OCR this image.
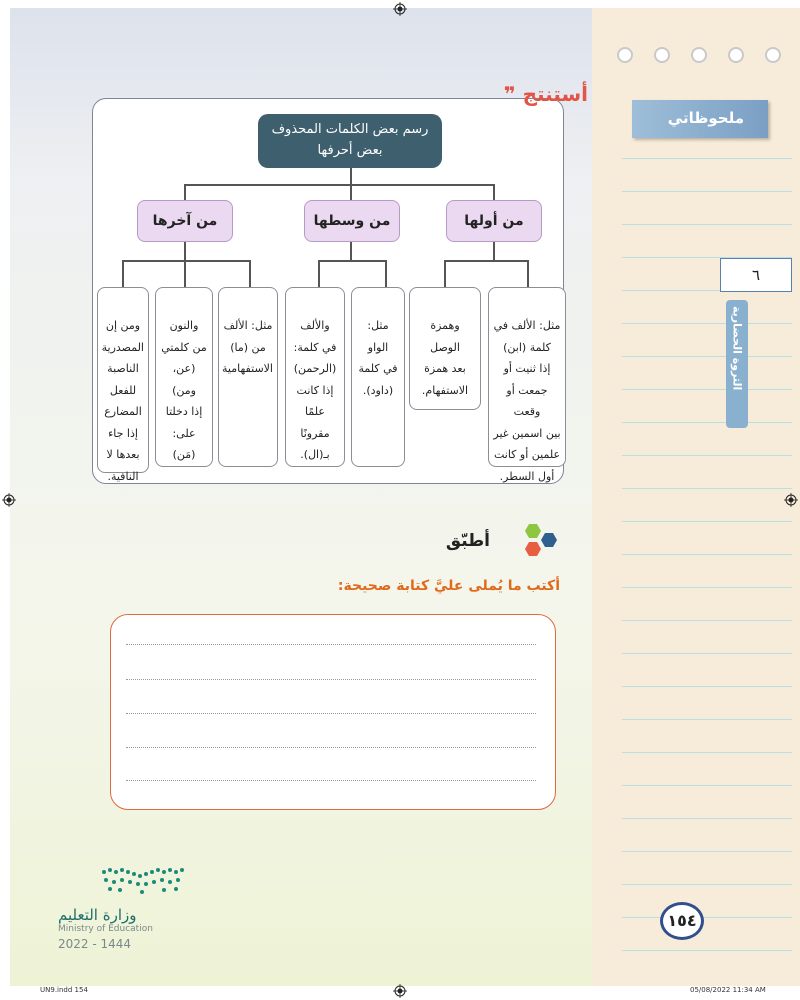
ملحوظاتي
٦
الثروة الحضارية
❞ أستنتج
رسم بعض الكلمات المحذوف
بعض أحرفها
من أولها
من وسطها
من آخرها

مثل: الألف في
كلمة (ابن)
إذا ثنيت أو
جمعت أو وقعت
بين اسمين غير
علمين أو كانت
أول السطر.

وهمزة الوصل
بعد همزة
الاستفهام.

مثل: الواو
في كلمة
(داود).

والألف
في كلمة:
(الرحمن)
إذا كانت
علمًا مقرونًا
بـ(ال).

مثل: الألف
من (ما)
الاستفهامية

والنون
من كلمتي
(عن، ومن)
إذا دخلتا
على: (مَن)

ومن إن
المصدرية
الناصبة
للفعل
المضارع
إذا جاء
بعدها لا
النافية.

أطبّق
أكتب ما يُملى عليَّ كتابة صحيحة:
وزارة التعليم
Ministry of Education
2022 - 1444
١٥٤
UN9.indd 154	05/08/2022 11:34 AM
